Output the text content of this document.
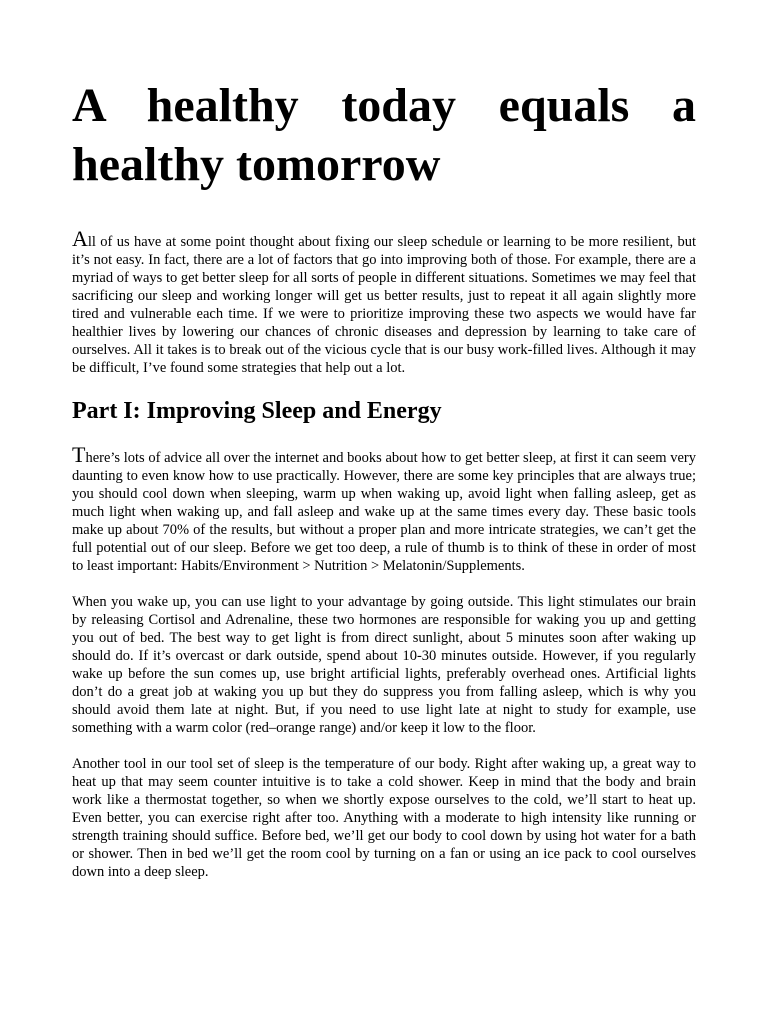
A healthy today equals a healthy tomorrow

All of us have at some point thought about fixing our sleep schedule or learning to be more resilient, but it’s not easy. In fact, there are a lot of factors that go into improving both of those. For example, there are a myriad of ways to get better sleep for all sorts of people in different situations. Sometimes we may feel that sacrificing our sleep and working longer will get us better results, just to repeat it all again slightly more tired and vulnerable each time. If we were to prioritize improving these two aspects we would have far healthier lives by lowering our chances of chronic diseases and depression by learning to take care of ourselves. All it takes is to break out of the vicious cycle that is our busy work-filled lives. Although it may be difficult, I’ve found some strategies that help out a lot.

Part I: Improving Sleep and Energy

There’s lots of advice all over the internet and books about how to get better sleep, at first it can seem very daunting to even know how to use practically. However, there are some key principles that are always true; you should cool down when sleeping, warm up when waking up, avoid light when falling asleep, get as much light when waking up, and fall asleep and wake up at the same times every day. These basic tools make up about 70% of the results, but without a proper plan and more intricate strategies, we can’t get the full potential out of our sleep. Before we get too deep, a rule of thumb is to think of these in order of most to least important: Habits/Environment > Nutrition > Melatonin/Supplements.

When you wake up, you can use light to your advantage by going outside. This light stimulates our brain by releasing Cortisol and Adrenaline, these two hormones are responsible for waking you up and getting you out of bed. The best way to get light is from direct sunlight, about 5 minutes soon after waking up should do. If it’s overcast or dark outside, spend about 10-30 minutes outside. However, if you regularly wake up before the sun comes up, use bright artificial lights, preferably overhead ones. Artificial lights don’t do a great job at waking you up but they do suppress you from falling asleep, which is why you should avoid them late at night. But, if you need to use light late at night to study for example, use something with a warm color (red–orange range) and/or keep it low to the floor.

Another tool in our tool set of sleep is the temperature of our body. Right after waking up, a great way to heat up that may seem counter intuitive is to take a cold shower. Keep in mind that the body and brain work like a thermostat together, so when we shortly expose ourselves to the cold, we’ll start to heat up. Even better, you can exercise right after too. Anything with a moderate to high intensity like running or strength training should suffice. Before bed, we’ll get our body to cool down by using hot water for a bath or shower. Then in bed we’ll get the room cool by turning on a fan or using an ice pack to cool ourselves down into a deep sleep.
